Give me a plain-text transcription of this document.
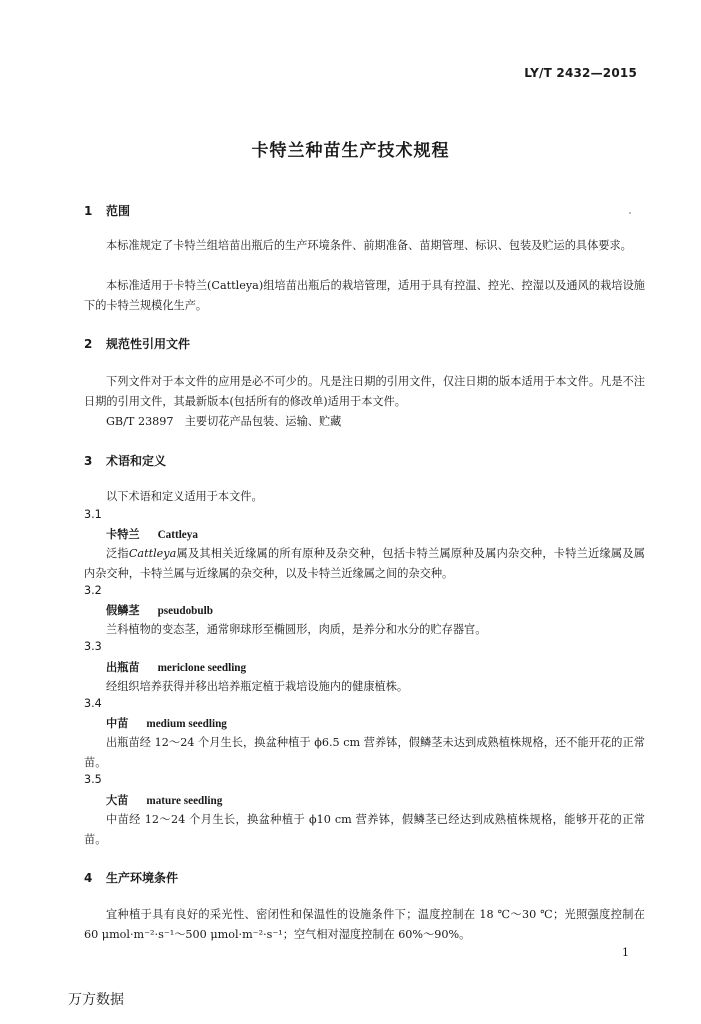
LY/T 2432—2015
卡特兰种苗生产技术规程
1 范围
本标准规定了卡特兰组培苗出瓶后的生产环境条件、前期准备、苗期管理、标识、包装及贮运的具体要求。
本标准适用于卡特兰(Cattleya)组培苗出瓶后的栽培管理，适用于具有控温、控光、控湿以及通风的栽培设施下的卡特兰规模化生产。
2 规范性引用文件
下列文件对于本文件的应用是必不可少的。凡是注日期的引用文件，仅注日期的版本适用于本文件。凡是不注日期的引用文件，其最新版本(包括所有的修改单)适用于本文件。
GB/T 23897　主要切花产品包装、运输、贮藏
3 术语和定义
以下术语和定义适用于本文件。
3.1
卡特兰 Cattleya
泛指Cattleya属及其相关近缘属的所有原种及杂交种，包括卡特兰属原种及属内杂交种，卡特兰近缘属及属内杂交种，卡特兰属与近缘属的杂交种，以及卡特兰近缘属之间的杂交种。
3.2
假鳞茎 pseudobulb
兰科植物的变态茎，通常卵球形至椭圆形，肉质，是养分和水分的贮存器官。
3.3
出瓶苗 mericlone seedling
经组织培养获得并移出培养瓶定植于栽培设施内的健康植株。
3.4
中苗 medium seedling
出瓶苗经 12～24 个月生长，换盆种植于 ϕ6.5 cm 营养钵，假鳞茎未达到成熟植株规格，还不能开花的正常苗。
3.5
大苗 mature seedling
中苗经 12～24 个月生长，换盆种植于 ϕ10 cm 营养钵，假鳞茎已经达到成熟植株规格，能够开花的正常苗。
4 生产环境条件
宜种植于具有良好的采光性、密闭性和保温性的设施条件下；温度控制在 18 ℃～30 ℃；光照强度控制在 60 μmol·m⁻²·s⁻¹～500 μmol·m⁻²·s⁻¹；空气相对湿度控制在 60%～90%。
1
万方数据
